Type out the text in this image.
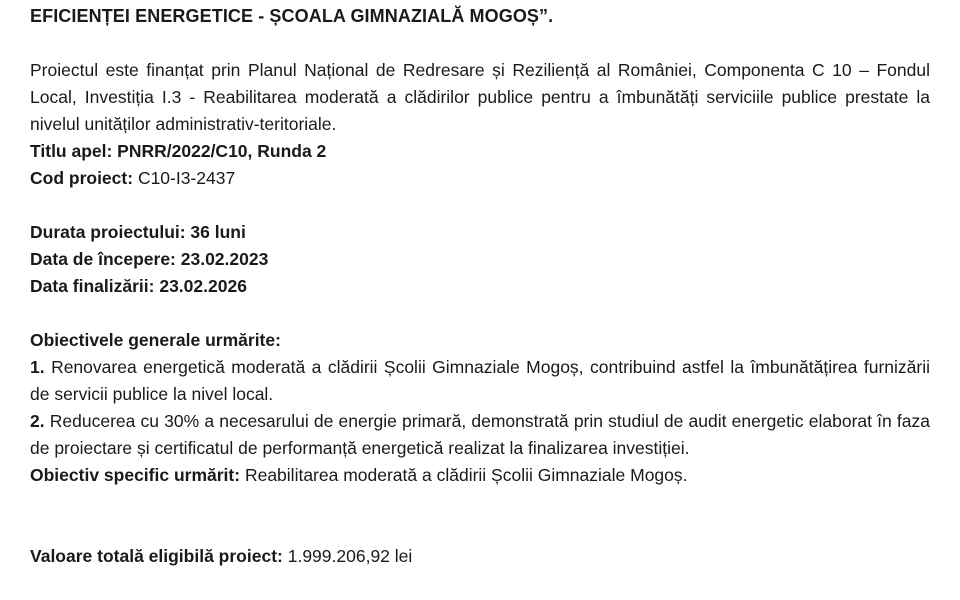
EFICIENȚEI ENERGETICE - ȘCOALA GIMNAZIALĂ MOGOȘ”.

Proiectul este finanțat prin Planul Național de Redresare și Reziliență al României, Componenta C 10 – Fondul Local, Investiția I.3 - Reabilitarea moderată a clădirilor publice pentru a îmbunătăți serviciile publice prestate la nivelul unităților administrativ-teritoriale.

Titlu apel: PNRR/2022/C10, Runda 2

Cod proiect: C10-I3-2437

Durata proiectului: 36 luni

Data de începere: 23.02.2023

Data finalizării: 23.02.2026

Obiectivele generale urmărite:

1. Renovarea energetică moderată a clădirii Școlii Gimnaziale Mogoș, contribuind astfel la îmbunătățirea furnizării de servicii publice la nivel local.

2. Reducerea cu 30% a necesarului de energie primară, demonstrată prin studiul de audit energetic elaborat în faza de proiectare și certificatul de performanță energetică realizat la finalizarea investiției.

Obiectiv specific urmărit: Reabilitarea moderată a clădirii Școlii Gimnaziale Mogoș.

Valoare totală eligibilă proiect: 1.999.206,92 lei
